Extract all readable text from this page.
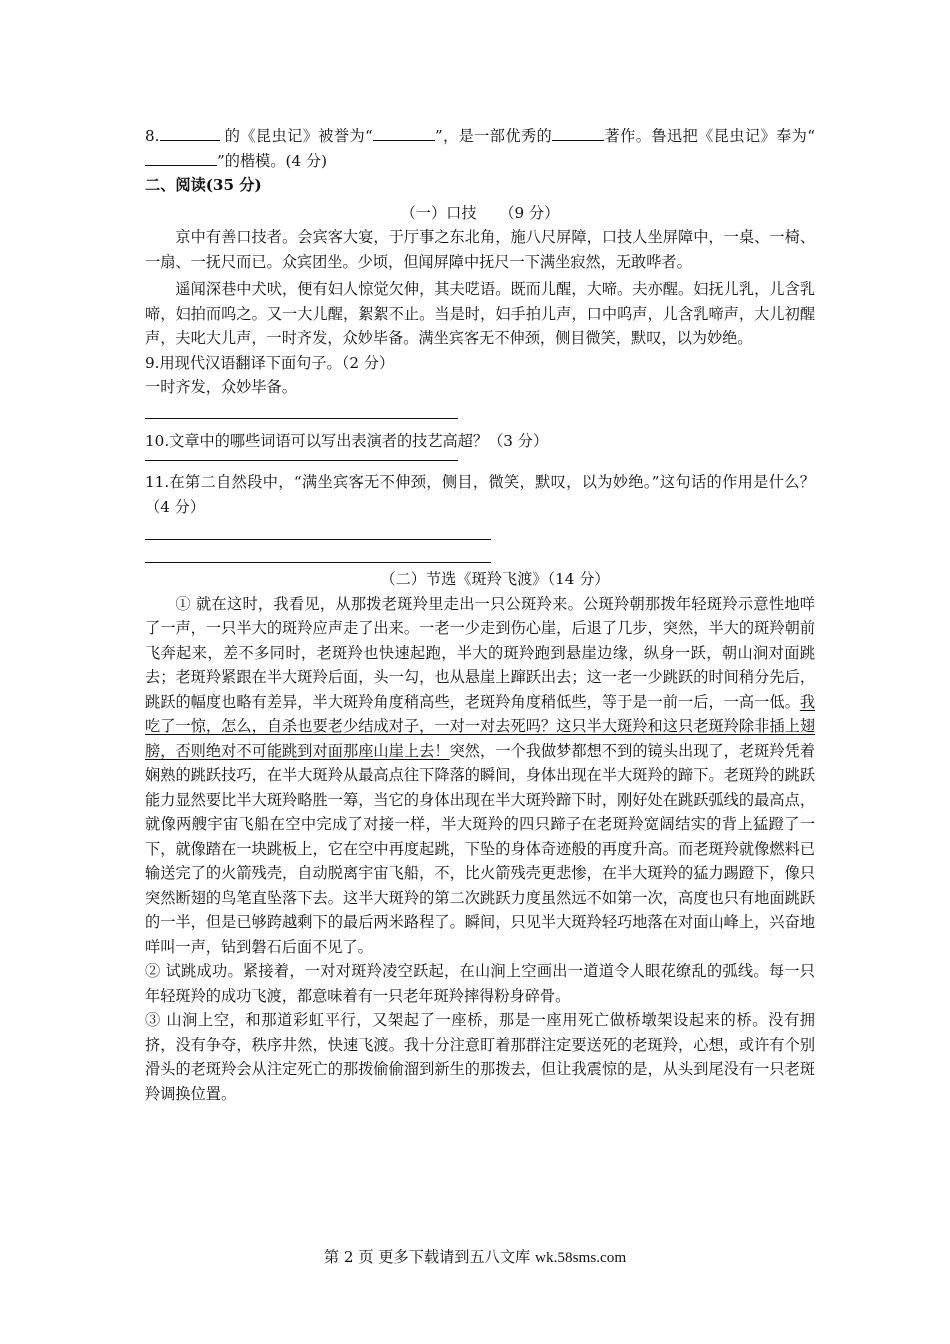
8.	的《昆虫记》被誉为“	”，是一部优秀的	著作。鲁迅把《昆虫记》奉为“”的楷模。(4 分)

二、阅读(35 分)

（一）口技　　（9 分）

京中有善口技者。会宾客大宴，于厅事之东北角，施八尺屏障，口技人坐屏障中，一桌、一椅、一扇、一抚尺而已。众宾团坐。少顷，但闻屏障中抚尺一下满坐寂然，无敢哗者。

遥闻深巷中犬吠，便有妇人惊觉欠伸，其夫呓语。既而儿醒，大啼。夫亦醒。妇抚儿乳，儿含乳啼，妇拍而呜之。又一大儿醒，絮絮不止。当是时，妇手拍儿声，口中呜声，儿含乳啼声，大儿初醒声，夫叱大儿声，一时齐发，众妙毕备。满坐宾客无不伸颈，侧目微笑，默叹，以为妙绝。

9.用现代汉语翻译下面句子。（2 分）

一时齐发，众妙毕备。

10.文章中的哪些词语可以写出表演者的技艺高超？（3 分）

11.在第二自然段中，“满坐宾客无不伸颈，侧目，微笑，默叹，以为妙绝。”这句话的作用是什么？（4 分）

（二）节选《斑羚飞渡》（14 分）

① 就在这时，我看见，从那拨老斑羚里走出一只公斑羚来。公斑羚朝那拨年轻斑羚示意性地咩了一声，一只半大的斑羚应声走了出来。一老一少走到伤心崖，后退了几步，突然，半大的斑羚朝前飞奔起来，差不多同时，老斑羚也快速起跑，半大的斑羚跑到悬崖边缘，纵身一跃，朝山涧对面跳去；老斑羚紧跟在半大斑羚后面，头一勾，也从悬崖上蹿跃出去；这一老一少跳跃的时间稍分先后，跳跃的幅度也略有差异，半大斑羚角度稍高些，老斑羚角度稍低些，等于是一前一后，一高一低。我吃了一惊，怎么，自杀也要老少结成对子，一对一对去死吗？这只半大斑羚和这只老斑羚除非插上翅膀，否则绝对不可能跳到对面那座山崖上去！突然，一个我做梦都想不到的镜头出现了，老斑羚凭着娴熟的跳跃技巧，在半大斑羚从最高点往下降落的瞬间，身体出现在半大斑羚的蹄下。老斑羚的跳跃能力显然要比半大斑羚略胜一筹，当它的身体出现在半大斑羚蹄下时，刚好处在跳跃弧线的最高点，就像两艘宇宙飞船在空中完成了对接一样，半大斑羚的四只蹄子在老斑羚宽阔结实的背上猛蹬了一下，就像踏在一块跳板上，它在空中再度起跳，下坠的身体奇迹般的再度升高。而老斑羚就像燃料已输送完了的火箭残壳，自动脱离宇宙飞船，不，比火箭残壳更悲惨，在半大斑羚的猛力踢蹬下，像只突然断翅的鸟笔直坠落下去。这半大斑羚的第二次跳跃力度虽然远不如第一次，高度也只有地面跳跃的一半，但是已够跨越剩下的最后两米路程了。瞬间，只见半大斑羚轻巧地落在对面山峰上，兴奋地咩叫一声，钻到磐石后面不见了。

② 试跳成功。紧接着，一对对斑羚凌空跃起，在山涧上空画出一道道令人眼花缭乱的弧线。每一只年轻斑羚的成功飞渡，都意味着有一只老年斑羚摔得粉身碎骨。

③ 山涧上空，和那道彩虹平行，又架起了一座桥，那是一座用死亡做桥墩架设起来的桥。没有拥挤，没有争夺，秩序井然，快速飞渡。我十分注意盯着那群注定要送死的老斑羚，心想，或许有个别滑头的老斑羚会从注定死亡的那拨偷偷溜到新生的那拨去，但让我震惊的是，从头到尾没有一只老斑羚调换位置。

第 2 页 更多下载请到五八文库 wk.58sms.com
